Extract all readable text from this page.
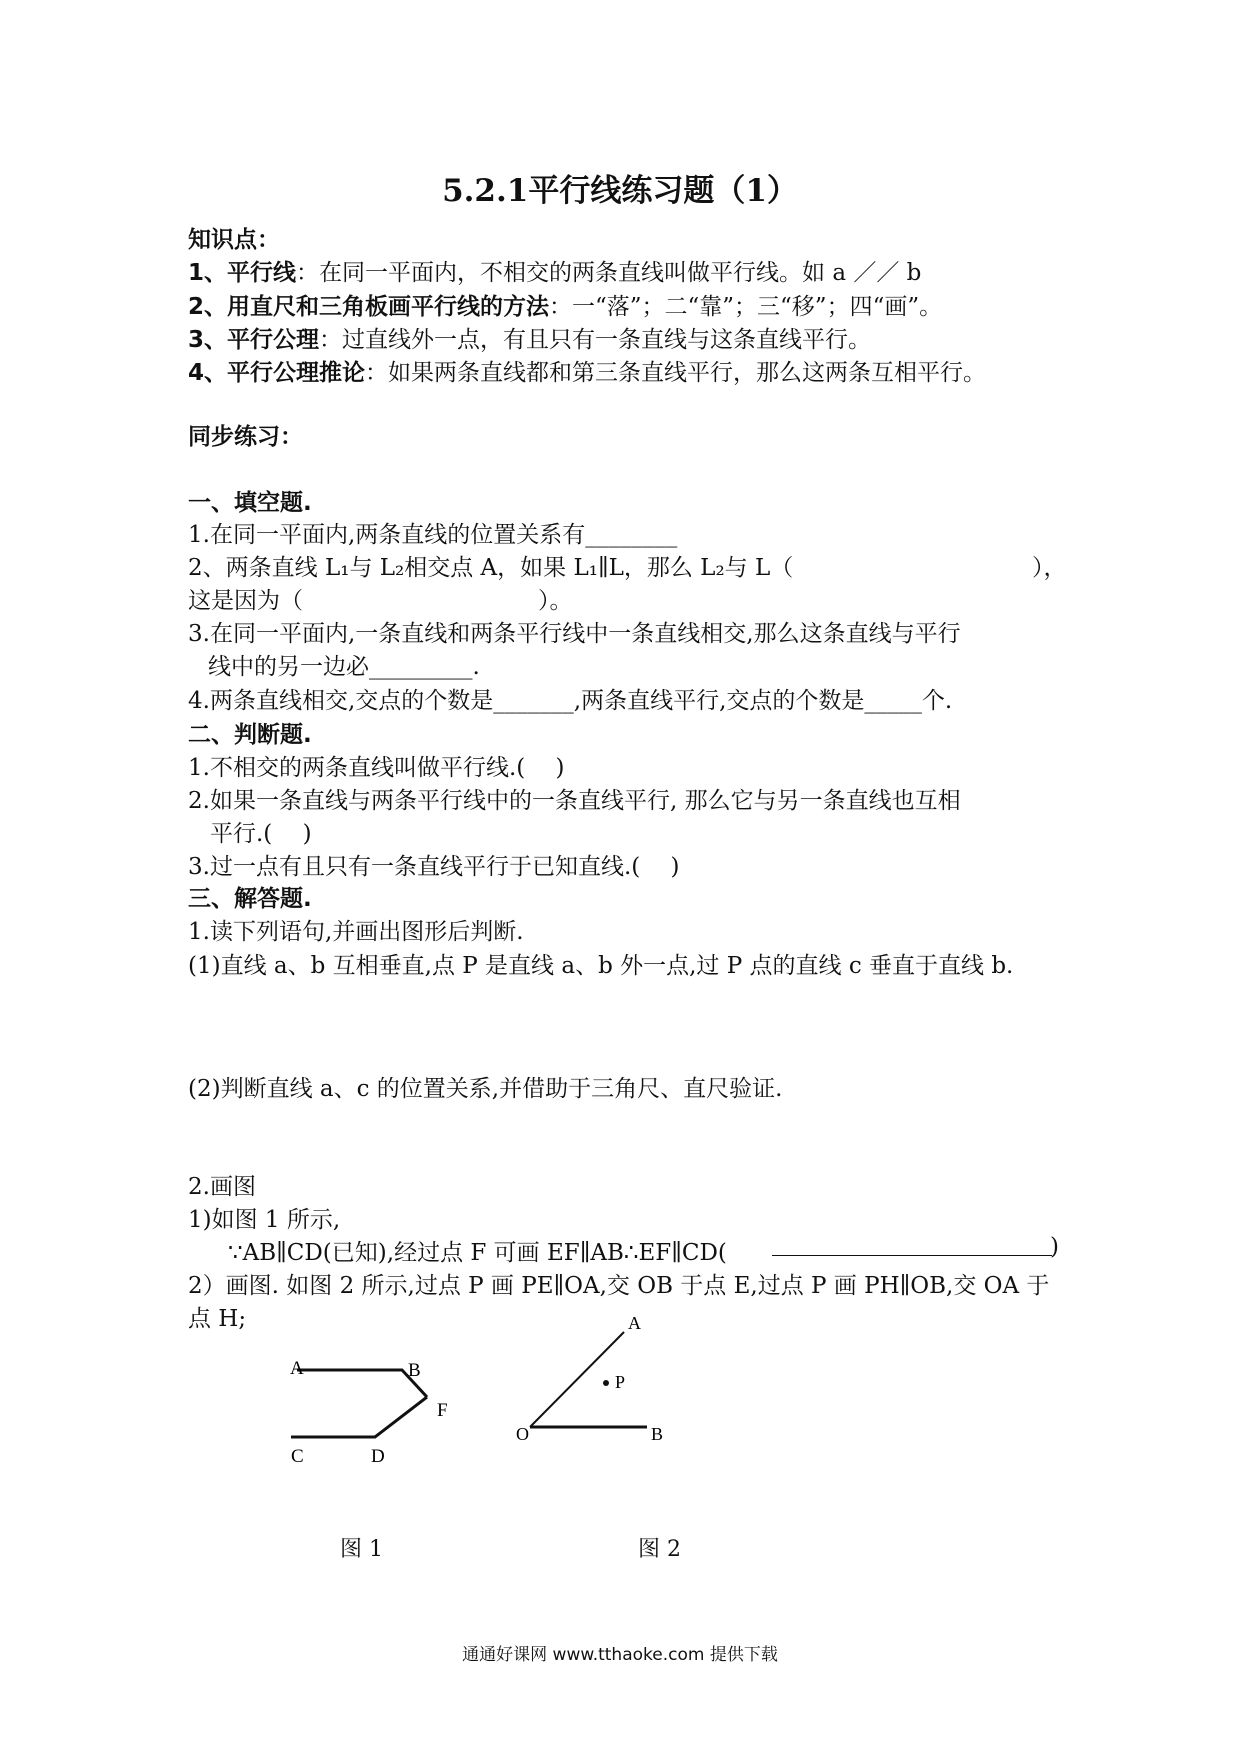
5.2.1平行线练习题（1）
知识点：
1、平行线：在同一平面内，不相交的两条直线叫做平行线。如 a ／／ b
2、用直尺和三角板画平行线的方法：一“落”；二“靠”；三“移”；四“画”。
3、平行公理：过直线外一点，有且只有一条直线与这条直线平行。
4、平行公理推论：如果两条直线都和第三条直线平行，那么这两条互相平行。
同步练习：
一、填空题.
1.在同一平面内,两条直线的位置关系有________
2、两条直线 L₁与 L₂相交点 A，如果 L₁∥L，那么 L₂与 L（	），
这是因为（	）。
3.在同一平面内,一条直线和两条平行线中一条直线相交,那么这条直线与平行
线中的另一边必_________.
4.两条直线相交,交点的个数是_______,两条直线平行,交点的个数是_____个.
二、判断题.
1.不相交的两条直线叫做平行线.(　 )
2.如果一条直线与两条平行线中的一条直线平行, 那么它与另一条直线也互相
平行.(　 )
3.过一点有且只有一条直线平行于已知直线.(　 )
三、解答题.
1.读下列语句,并画出图形后判断.
(1)直线 a、b 互相垂直,点 P 是直线 a、b 外一点,过 P 点的直线 c 垂直于直线 b.
(2)判断直线 a、c 的位置关系,并借助于三角尺、直尺验证.
2.画图
1)如图 1 所示,
∵AB∥CD(已知),经过点 F 可画 EF∥AB∴EF∥CD(	)
2）画图. 如图 2 所示,过点 P 画 PE∥OA,交 OB 于点 E,过点 P 画 PH∥OB,交 OA 于
点 H;
A	B
F
C	D
A
P
O	B
图 1	图 2
通通好课网 www.tthaoke.com 提供下载
